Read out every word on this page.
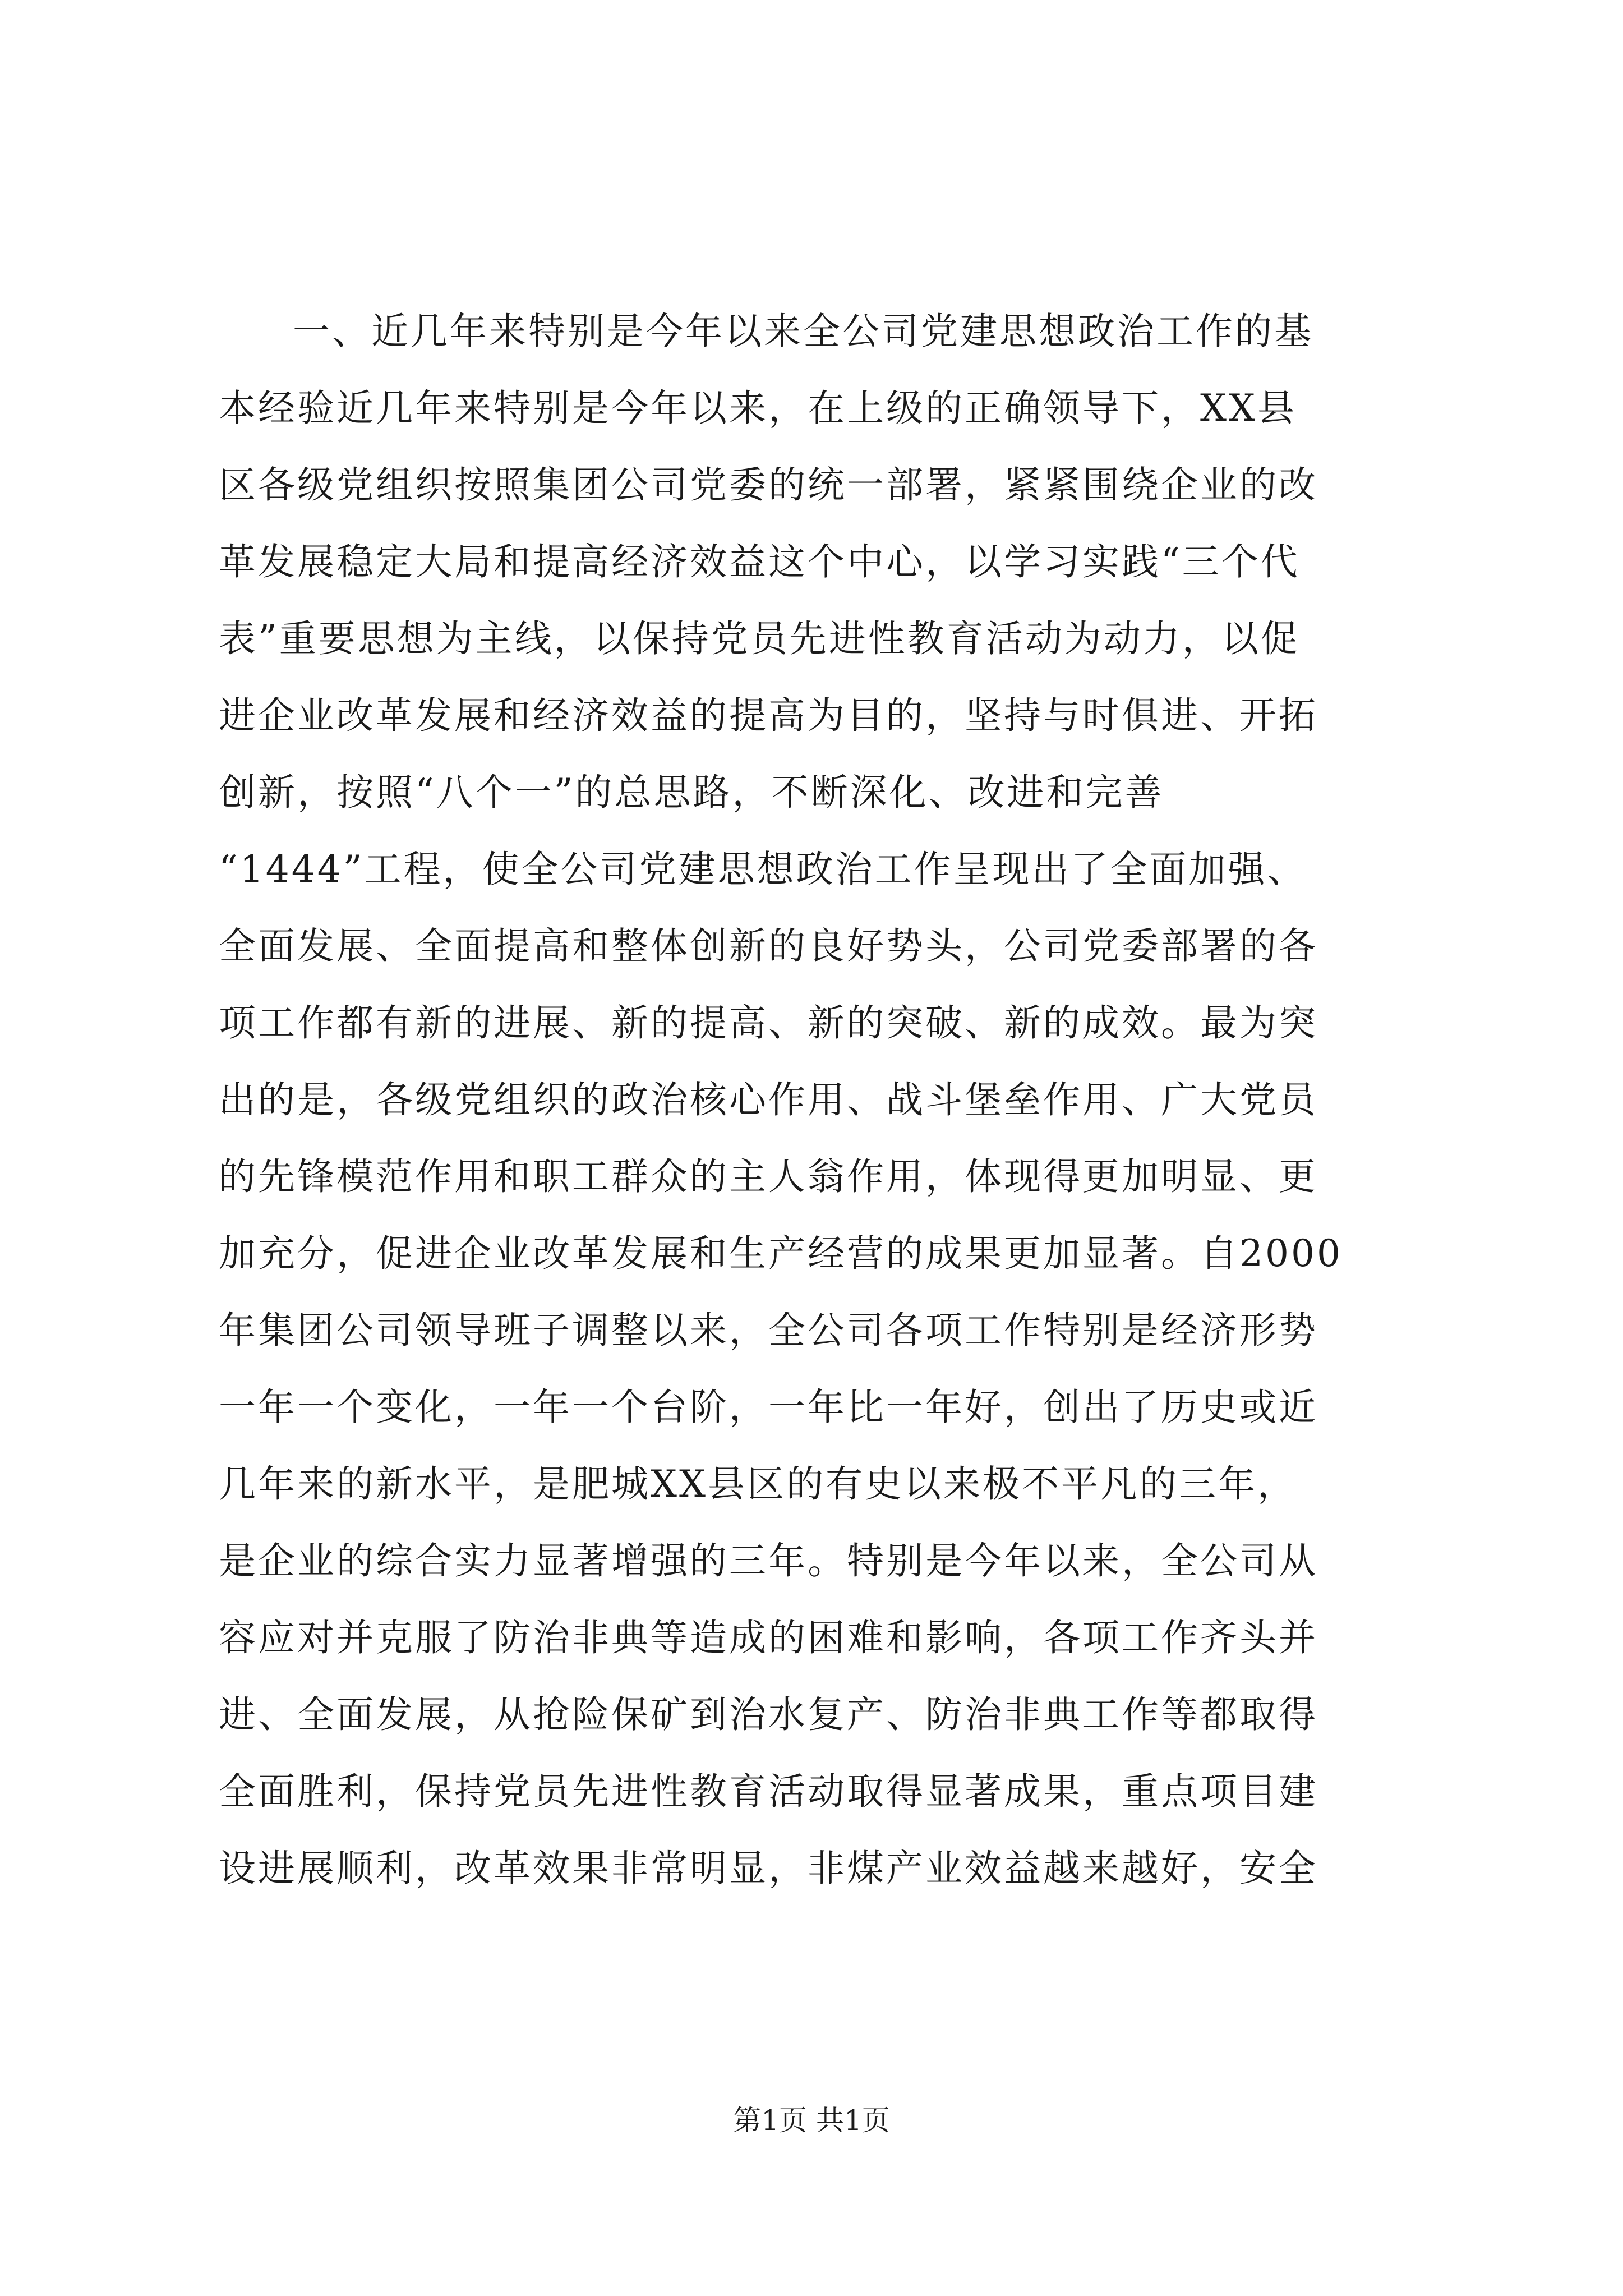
一、近几年来特别是今年以来全公司党建思想政治工作的基
本经验近几年来特别是今年以来，在上级的正确领导下，XX县
区各级党组织按照集团公司党委的统一部署，紧紧围绕企业的改
革发展稳定大局和提高经济效益这个中心，以学习实践“三个代
表”重要思想为主线，以保持党员先进性教育活动为动力，以促
进企业改革发展和经济效益的提高为目的，坚持与时俱进、开拓
创新，按照“八个一”的总思路，不断深化、改进和完善
“1444”工程，使全公司党建思想政治工作呈现出了全面加强、
全面发展、全面提高和整体创新的良好势头，公司党委部署的各
项工作都有新的进展、新的提高、新的突破、新的成效。最为突
出的是，各级党组织的政治核心作用、战斗堡垒作用、广大党员
的先锋模范作用和职工群众的主人翁作用，体现得更加明显、更
加充分，促进企业改革发展和生产经营的成果更加显著。自2000
年集团公司领导班子调整以来，全公司各项工作特别是经济形势
一年一个变化，一年一个台阶，一年比一年好，创出了历史或近
几年来的新水平，是肥城XX县区的有史以来极不平凡的三年，
是企业的综合实力显著增强的三年。特别是今年以来，全公司从
容应对并克服了防治非典等造成的困难和影响，各项工作齐头并
进、全面发展，从抢险保矿到治水复产、防治非典工作等都取得
全面胜利，保持党员先进性教育活动取得显著成果，重点项目建
设进展顺利，改革效果非常明显，非煤产业效益越来越好，安全

第1页 共1页
